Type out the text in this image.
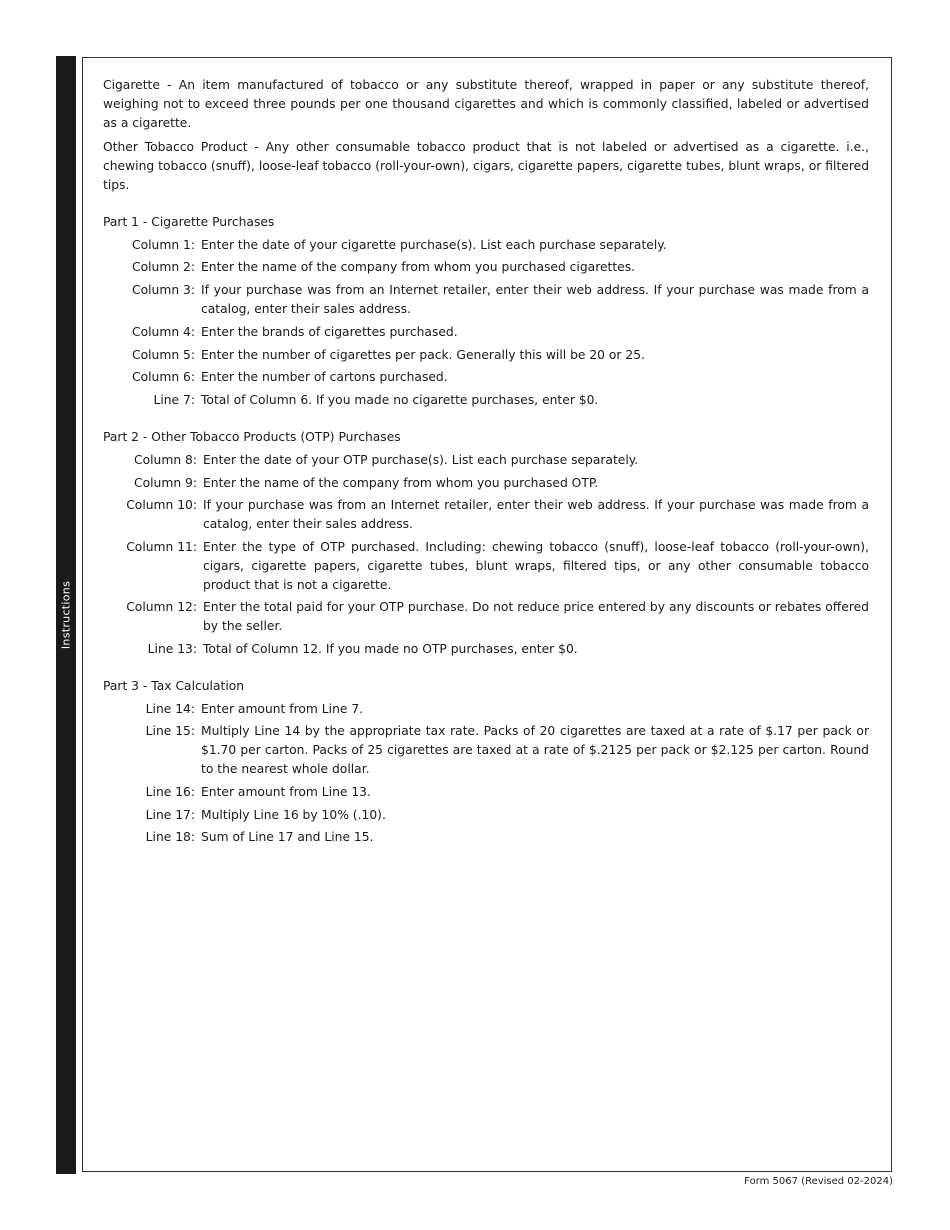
Instructions

Cigarette - An item manufactured of tobacco or any substitute thereof, wrapped in paper or any substitute thereof, weighing not to exceed three pounds per one thousand cigarettes and which is commonly classified, labeled or advertised as a cigarette.

Other Tobacco Product - Any other consumable tobacco product that is not labeled or advertised as a cigarette. i.e., chewing tobacco (snuff), loose-leaf tobacco (roll-your-own), cigars, cigarette papers, cigarette tubes, blunt wraps, or filtered tips.

Part 1 - Cigarette Purchases
Column 1: Enter the date of your cigarette purchase(s). List each purchase separately.
Column 2: Enter the name of the company from whom you purchased cigarettes.
Column 3: If your purchase was from an Internet retailer, enter their web address. If your purchase was made from a catalog, enter their sales address.
Column 4: Enter the brands of cigarettes purchased.
Column 5: Enter the number of cigarettes per pack. Generally this will be 20 or 25.
Column 6: Enter the number of cartons purchased.
Line 7: Total of Column 6. If you made no cigarette purchases, enter $0.
Part 2 - Other Tobacco Products (OTP) Purchases
Column 8: Enter the date of your OTP purchase(s). List each purchase separately.
Column 9: Enter the name of the company from whom you purchased OTP.
Column 10: If your purchase was from an Internet retailer, enter their web address. If your purchase was made from a catalog, enter their sales address.
Column 11: Enter the type of OTP purchased. Including: chewing tobacco (snuff), loose-leaf tobacco (roll-your-own), cigars, cigarette papers, cigarette tubes, blunt wraps, filtered tips, or any other consumable tobacco product that is not a cigarette.
Column 12: Enter the total paid for your OTP purchase. Do not reduce price entered by any discounts or rebates offered by the seller.
Line 13: Total of Column 12. If you made no OTP purchases, enter $0.
Part 3 - Tax Calculation
Line 14: Enter amount from Line 7.
Line 15: Multiply Line 14 by the appropriate tax rate. Packs of 20 cigarettes are taxed at a rate of $.17 per pack or $1.70 per carton. Packs of 25 cigarettes are taxed at a rate of $.2125 per pack or $2.125 per carton. Round to the nearest whole dollar.
Line 16: Enter amount from Line 13.
Line 17: Multiply Line 16 by 10% (.10).
Line 18: Sum of Line 17 and Line 15.
Form 5067 (Revised 02-2024)
